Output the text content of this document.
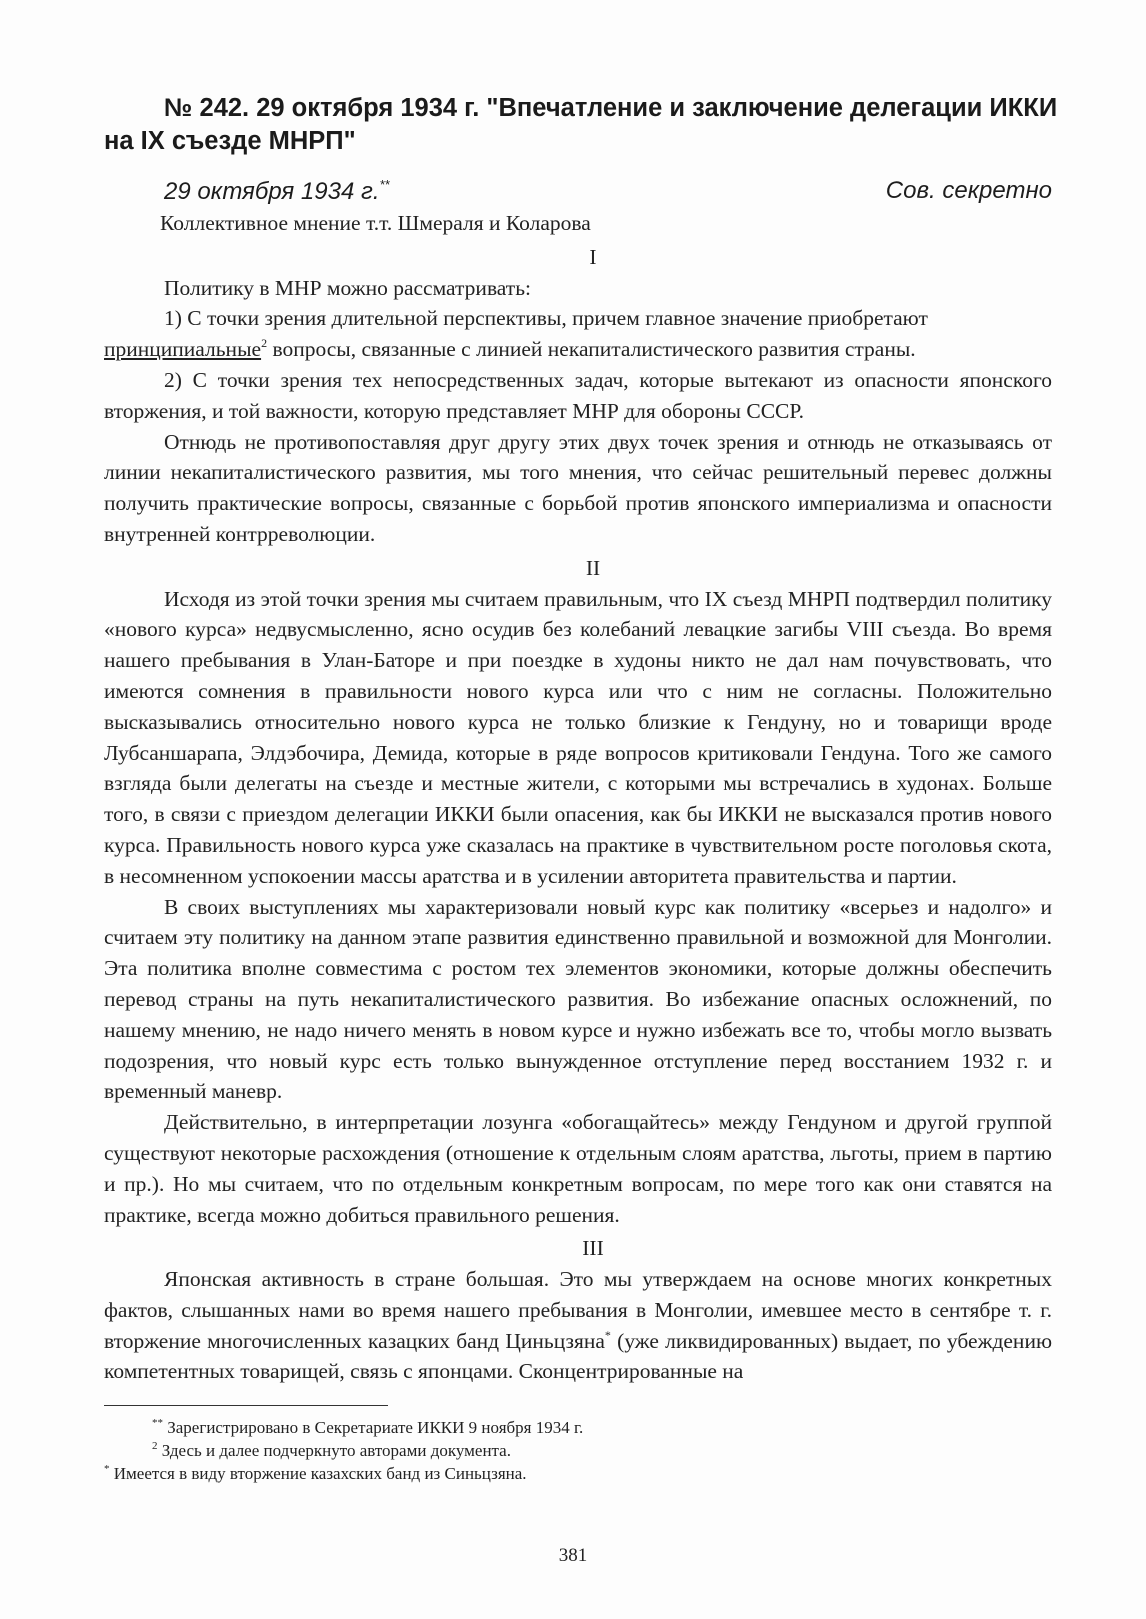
№ 242. 29 октября 1934 г. "Впечатление и заключение делегации ИККИ
на IX съезде МНРП"
29 октября 1934 г.**	Сов. секретно

Коллективное мнение т.т. Шмераля и Коларова

I

Политику в МНР можно рассматривать:

1) С точки зрения длительной перспективы, причем главное значение приобретают

принципиальные$^2$ вопросы, связанные с линией некапиталистического развития страны.

2) С точки зрения тех непосредственных задач, которые вытекают из опасности японского вторжения, и той важности, которую представляет МНР для обороны СССР.

Отнюдь не противопоставляя друг другу этих двух точек зрения и отнюдь не отказываясь от линии некапиталистического развития, мы того мнения, что сейчас решительный перевес должны получить практические вопросы, связанные с борьбой против японского империализма и опасности внутренней контрреволюции.

II

Исходя из этой точки зрения мы считаем правильным, что IX съезд МНРП подтвердил политику «нового курса» недвусмысленно, ясно осудив без колебаний левацкие загибы VIII съезда. Во время нашего пребывания в Улан-Баторе и при поездке в худоны никто не дал нам почувствовать, что имеются сомнения в правильности нового курса или что с ним не согласны. Положительно высказывались относительно нового курса не только близкие к Гендуну, но и товарищи вроде Лубсаншарапа, Элдэбочира, Демида, которые в ряде вопросов критиковали Гендуна. Того же самого взгляда были делегаты на съезде и местные жители, с которыми мы встречались в худонах. Больше того, в связи с приездом делегации ИККИ были опасения, как бы ИККИ не высказался против нового курса. Правильность нового курса уже сказалась на практике в чувствительном росте поголовья скота, в несомненном успокоении массы аратства и в усилении авторитета правительства и партии.

В своих выступлениях мы характеризовали новый курс как политику «всерьез и надолго» и считаем эту политику на данном этапе развития единственно правильной и возможной для Монголии. Эта политика вполне совместима с ростом тех элементов экономики, которые должны обеспечить перевод страны на путь некапиталистического развития. Во избежание опасных осложнений, по нашему мнению, не надо ничего менять в новом курсе и нужно избежать все то, чтобы могло вызвать подозрения, что новый курс есть только вынужденное отступление перед восстанием 1932 г. и временный маневр.

Действительно, в интерпретации лозунга «обогащайтесь» между Гендуном и другой группой существуют некоторые расхождения (отношение к отдельным слоям аратства, льготы, прием в партию и пр.). Но мы считаем, что по отдельным конкретным вопросам, по мере того как они ставятся на практике, всегда можно добиться правильного решения.

III

Японская активность в стране большая. Это мы утверждаем на основе многих конкретных фактов, слышанных нами во время нашего пребывания в Монголии, имевшее место в сентябре т. г. вторжение многочисленных казацких банд Циньцзяна* (уже ликвидированных) выдает, по убеждению компетентных товарищей, связь с японцами. Сконцентрированные на

** Зарегистрировано в Секретариате ИККИ 9 ноября 1934 г.
$^2$ Здесь и далее подчеркнуто авторами документа.
* Имеется в виду вторжение казахских банд из Синьцзяна.
381
